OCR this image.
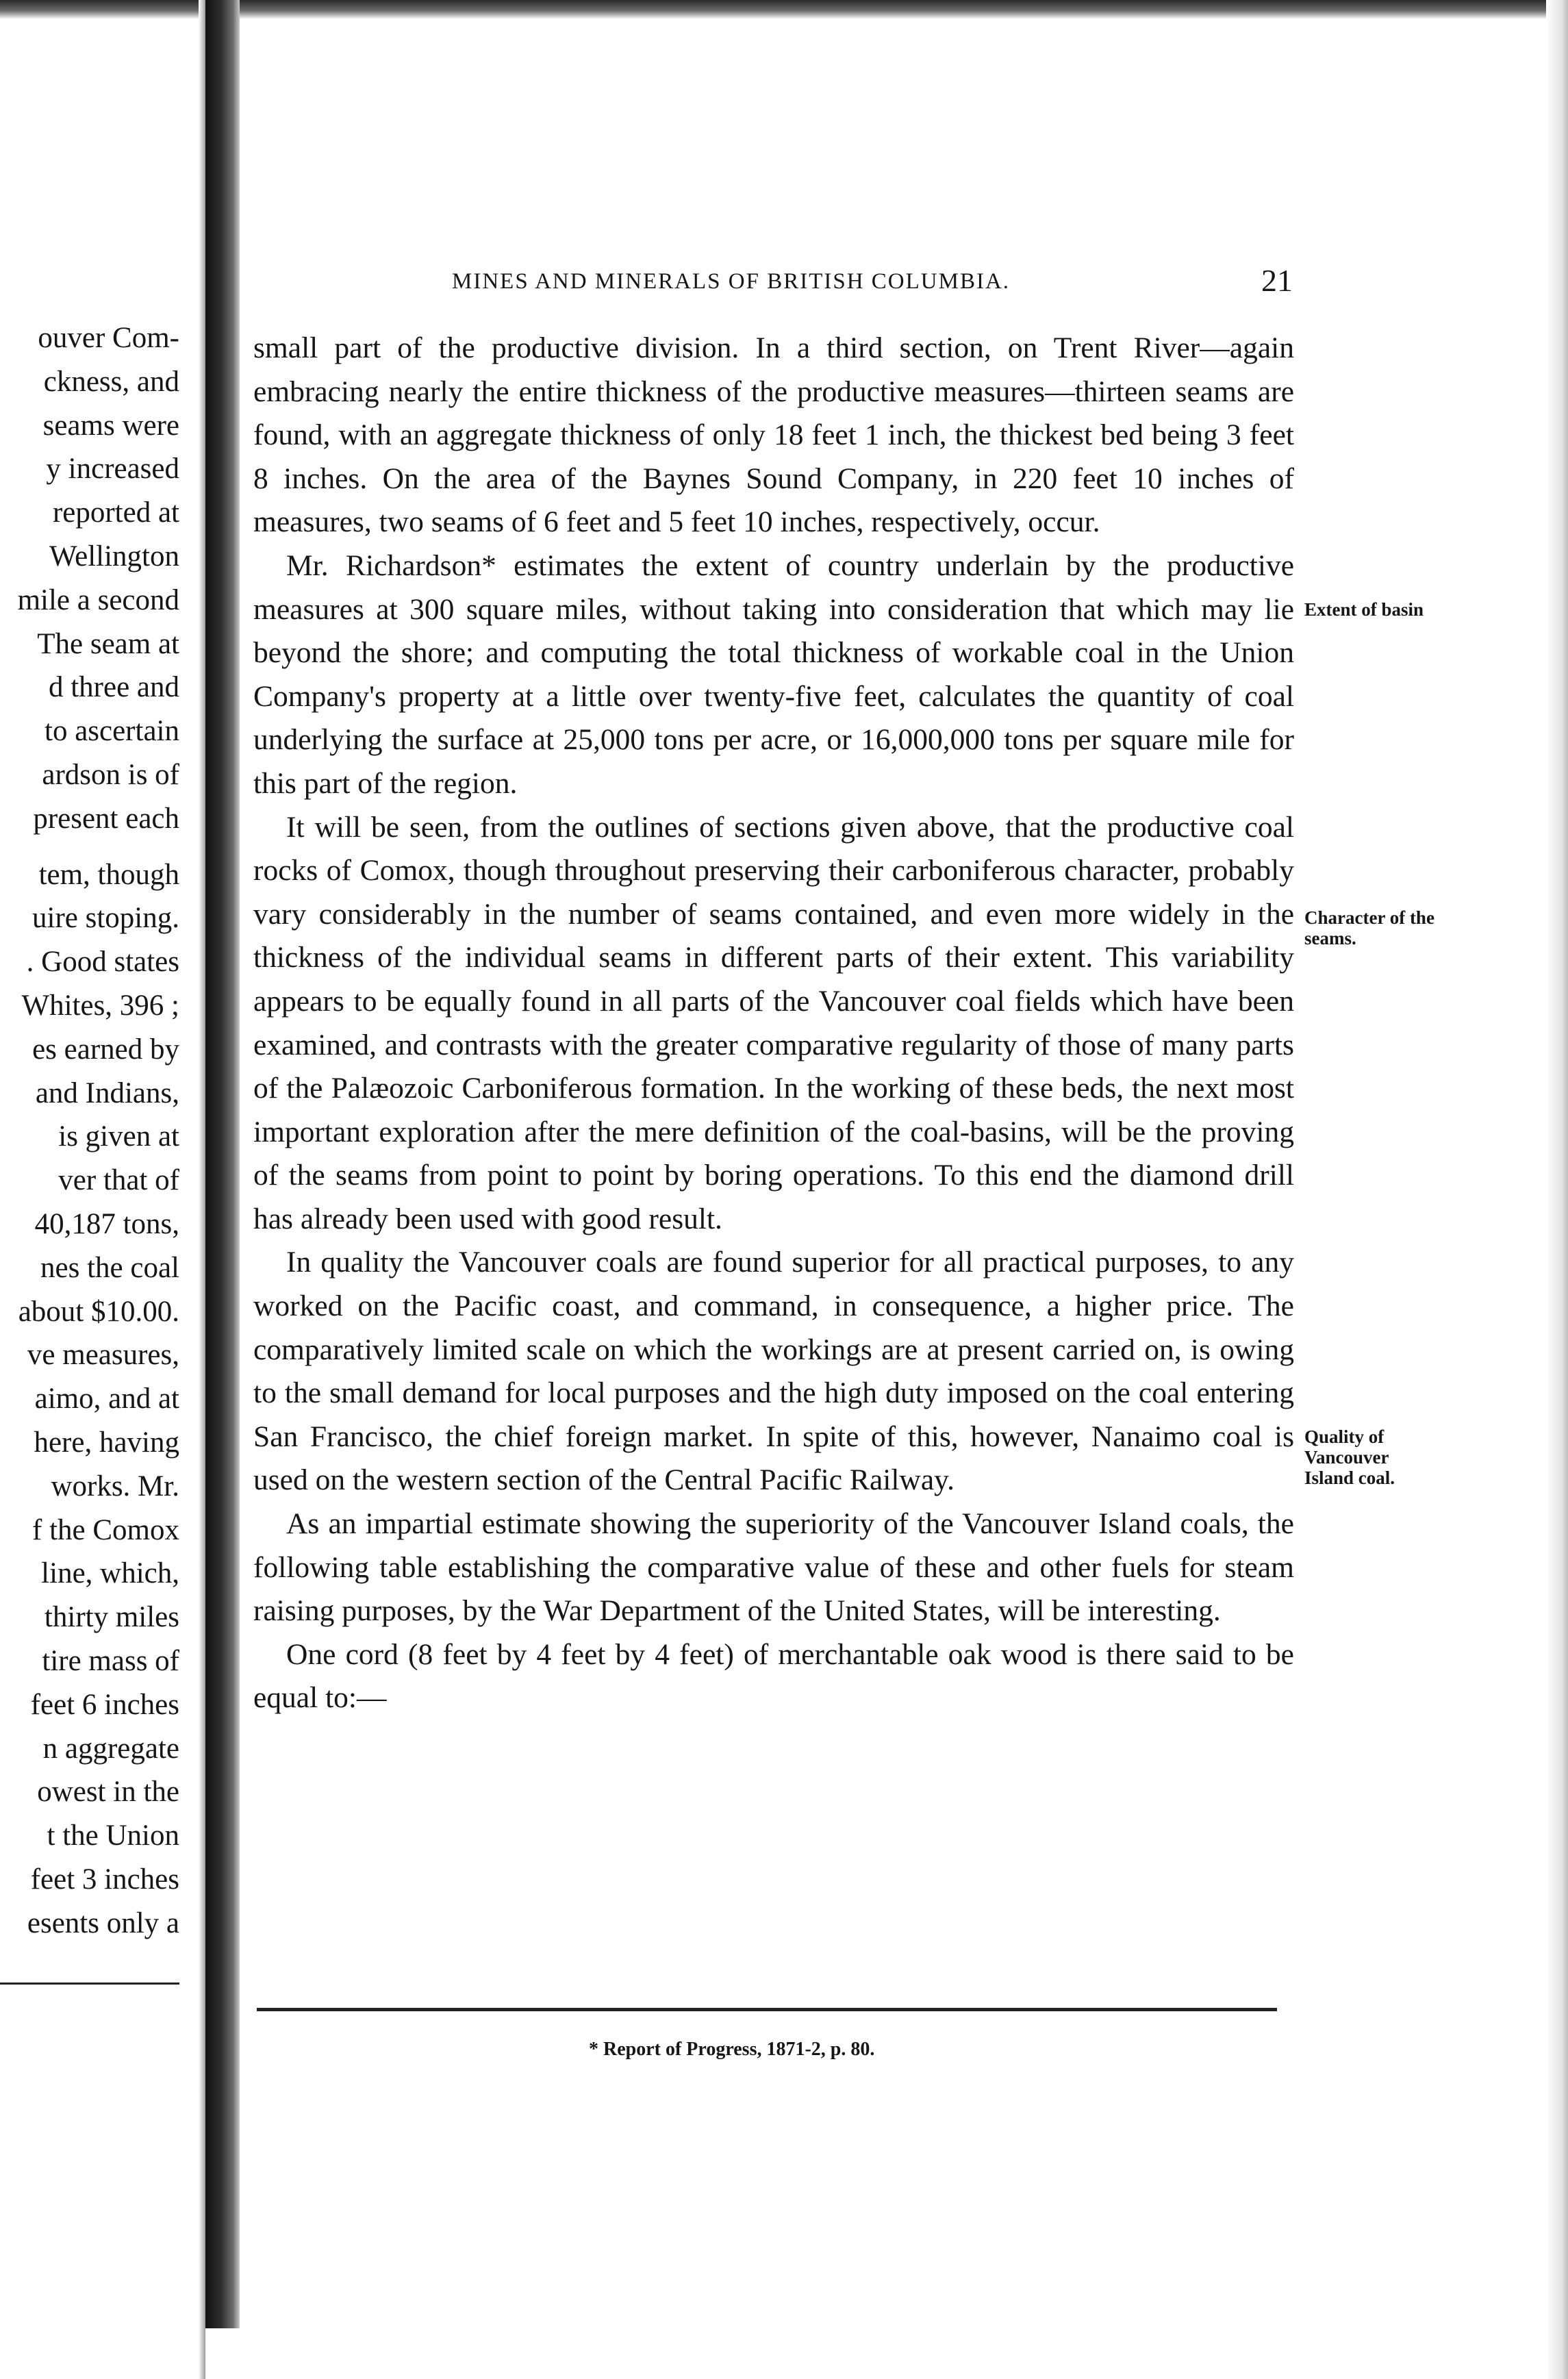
ouver Com-
ckness, and
seams were
y increased
reported at
Wellington
mile a second
The seam at
d three and
to ascertain
ardson is of
present each
tem, though
uire stoping.
. Good states
Whites, 396 ;
es earned by
and Indians,
is given at
ver that of
40,187 tons,
nes the coal
about $10.00.
ve measures,
aimo, and at
here, having
works. Mr.
f the Comox
line, which,
thirty miles
tire mass of
feet 6 inches
n aggregate
owest in the
t the Union
feet 3 inches
esents only a
MINES AND MINERALS OF BRITISH COLUMBIA.	21

small part of the productive division. In a third section, on Trent River—again embracing nearly the entire thickness of the productive measures—thirteen seams are found, with an aggregate thickness of only 18 feet 1 inch, the thickest bed being 3 feet 8 inches. On the area of the Baynes Sound Company, in 220 feet 10 inches of measures, two seams of 6 feet and 5 feet 10 inches, respectively, occur.

Mr. Richardson* estimates the extent of country underlain by the productive measures at 300 square miles, without taking into consideration that which may lie beyond the shore; and computing the total thickness of workable coal in the Union Company's property at a little over twenty-five feet, calculates the quantity of coal underlying the surface at 25,000 tons per acre, or 16,000,000 tons per square mile for this part of the region.

It will be seen, from the outlines of sections given above, that the productive coal rocks of Comox, though throughout preserving their carboniferous character, probably vary considerably in the number of seams contained, and even more widely in the thickness of the individual seams in different parts of their extent. This variability appears to be equally found in all parts of the Vancouver coal fields which have been examined, and contrasts with the greater comparative regularity of those of many parts of the Palæozoic Carboniferous formation. In the working of these beds, the next most important exploration after the mere definition of the coal-basins, will be the proving of the seams from point to point by boring operations. To this end the diamond drill has already been used with good result.

In quality the Vancouver coals are found superior for all practical purposes, to any worked on the Pacific coast, and command, in consequence, a higher price. The comparatively limited scale on which the workings are at present carried on, is owing to the small demand for local purposes and the high duty imposed on the coal entering San Francisco, the chief foreign market. In spite of this, however, Nanaimo coal is used on the western section of the Central Pacific Railway.

As an impartial estimate showing the superiority of the Vancouver Island coals, the following table establishing the comparative value of these and other fuels for steam raising purposes, by the War Department of the United States, will be interesting.

One cord (8 feet by 4 feet by 4 feet) of merchantable oak wood is there said to be equal to:—

Extent of basin
Character of the seams.
Quality of Vancouver Island coal.
* Report of Progress, 1871-2, p. 80.
